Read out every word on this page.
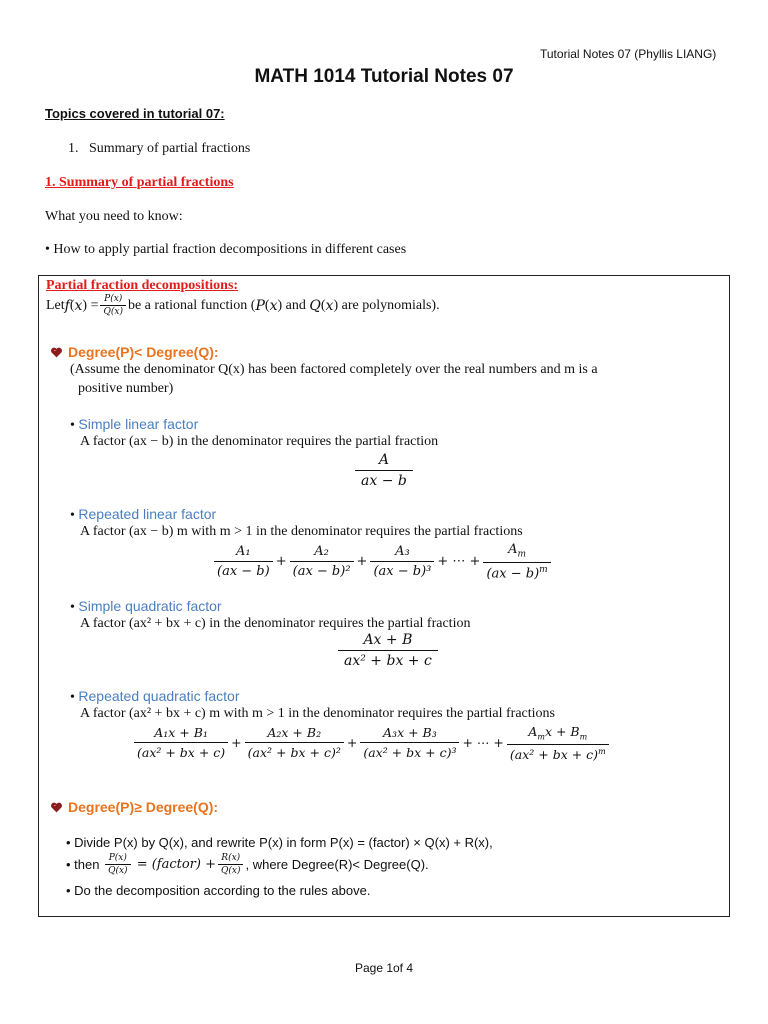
Tutorial Notes 07 (Phyllis LIANG)
MATH 1014 Tutorial Notes 07
Topics covered in tutorial 07:
1.   Summary of partial fractions
1. Summary of partial fractions
What you need to know:
• How to apply partial fraction decompositions in different cases
Partial fraction decompositions:
Let f ( x ) = $\frac{P(x)}{Q(x)}$ be a rational function ( P ( x ) and Q ( x ) are polynomials).
Degree(P)< Degree(Q):
(Assume the denominator Q(x) has been factored completely over the real numbers and m is a
positive number)
• Simple linear factor
A factor (ax − b) in the denominator requires the partial fraction
A
ax − b
• Repeated linear factor
A factor (ax − b) m with m > 1 in the denominator requires the partial fractions
A₁
(ax − b)
+ $\frac{\text{A₂}}{\text{(ax − b)²}} + \frac{\text{A₃}}{\text{(ax − b)³}}$ + ⋯ + $\frac{A_m}{(ax - b)^m}$
• Simple quadratic factor
A factor (ax² + bx + c) in the denominator requires the partial fraction
Ax + B
ax² + bx + c
• Repeated quadratic factor
A factor (ax² + bx + c) m with m > 1 in the denominator requires the partial fractions
A₁x + B₁
(ax² + bx + c)
+ $\frac{\text{A₂x + B₂}}{\text{(ax² + bx + c)²}} + \frac{\text{A₃x + B₃}}{\text{(ax² + bx + c)³}}$ + ⋯ +
$A_mx + B_m$
(ax² + bx + c)$^m$
Degree(P)≥ Degree(Q):
• Divide P(x) by Q(x), and rewrite P(x) in form P(x) = (factor) × Q(x) + R(x),
• then $\frac{P(x)}{Q(x)}$ = (factor) + $\frac{R(x)}{Q(x)}$ , where Degree(R)< Degree(Q).
• Do the decomposition according to the rules above.
Page 1of 4
